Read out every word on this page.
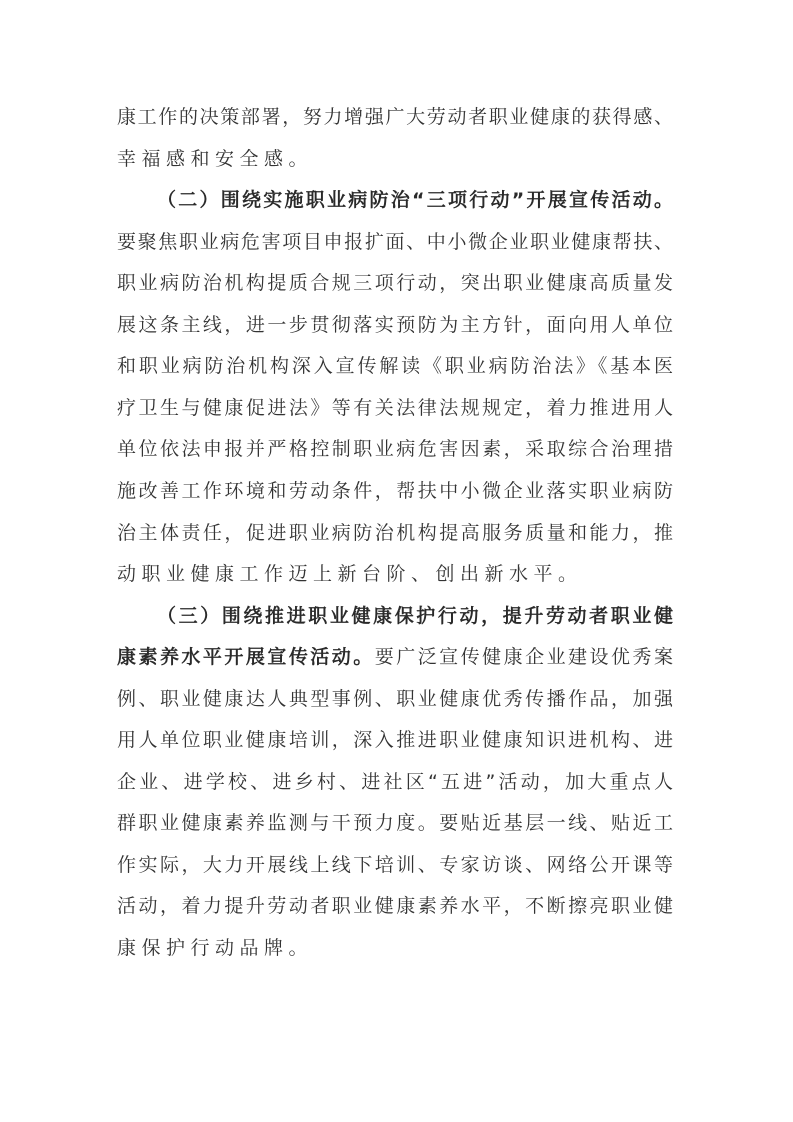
康工作的决策部署，努力增强广大劳动者职业健康的获得感、
幸福感和安全感。
（二）围绕实施职业病防治“三项行动”开展宣传活动。
要聚焦职业病危害项目申报扩面、中小微企业职业健康帮扶、
职业病防治机构提质合规三项行动，突出职业健康高质量发
展这条主线，进一步贯彻落实预防为主方针，面向用人单位
和职业病防治机构深入宣传解读《职业病防治法》《基本医
疗卫生与健康促进法》等有关法律法规规定，着力推进用人
单位依法申报并严格控制职业病危害因素，采取综合治理措
施改善工作环境和劳动条件，帮扶中小微企业落实职业病防
治主体责任，促进职业病防治机构提高服务质量和能力，推
动职业健康工作迈上新台阶、创出新水平。
（三）围绕推进职业健康保护行动，提升劳动者职业健
康素养水平开展宣传活动。要广泛宣传健康企业建设优秀案
例、职业健康达人典型事例、职业健康优秀传播作品，加强
用人单位职业健康培训，深入推进职业健康知识进机构、进
企业、进学校、进乡村、进社区“五进”活动，加大重点人
群职业健康素养监测与干预力度。要贴近基层一线、贴近工
作实际，大力开展线上线下培训、专家访谈、网络公开课等
活动，着力提升劳动者职业健康素养水平，不断擦亮职业健
康保护行动品牌。
